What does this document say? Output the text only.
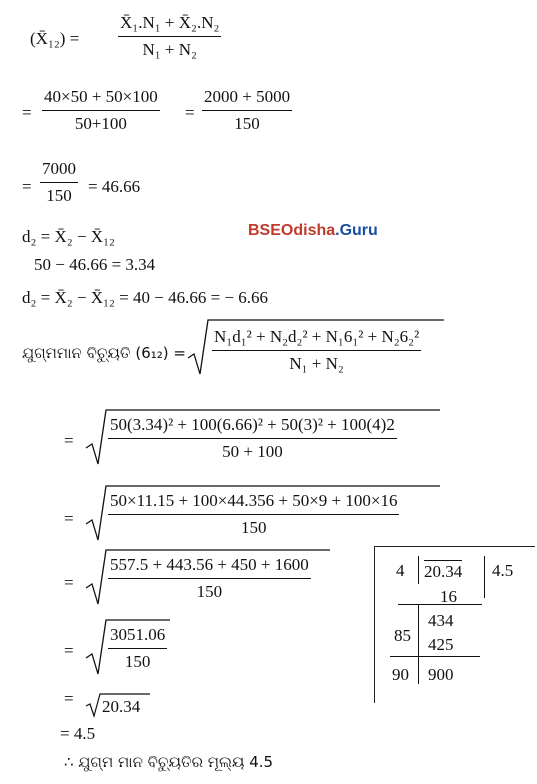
(X̄₁₂) = $\frac{\text{X̄₁.N₁ + X̄₂.N₂}}{\text{N₁ + N₂}}$
= $\frac{40\times 50 + 50\times 100}{50+100} = \frac{2000 + 5000}{150}$
= $\frac{7000}{150} = 46.66$
d₂ = X̄₂ − X̄₁₂	BSEOdisha.Guru
50 − 46.66 = 3.34
d₂ = X̄₂ − X̄₁₂ = 40 − 46.66 = − 6.66
ଯୁଗ୍ମମାନ ବିଚ୍ୟୁତି $(6_{12}) = \frac{\text{N₁d₁² + N₂d₂² + N₁6₁² + N₂6₂²}}{\text{N₁ + N₂}}$
= $\frac{\text{50(3.34)² + 100(6.66)² + 50(3)² + 100(4)2}}{50 + 100}$
= $\frac{50\times 11.15 + 100\times 44.356 + 50\times 9 + 100\times 16}{150}$
= $\frac{557.5 + 443.56 + 450 + 1600}{150}$
= $\frac{3051.06}{150}$
= 20.34
= 4.5
∴ ଯୁଗ୍ମ ମାନ ବିଚ୍ୟୁତିର ମୂଲ୍ୟ 4.5
4 20.34 4.5
16
434
85 425
90 900
